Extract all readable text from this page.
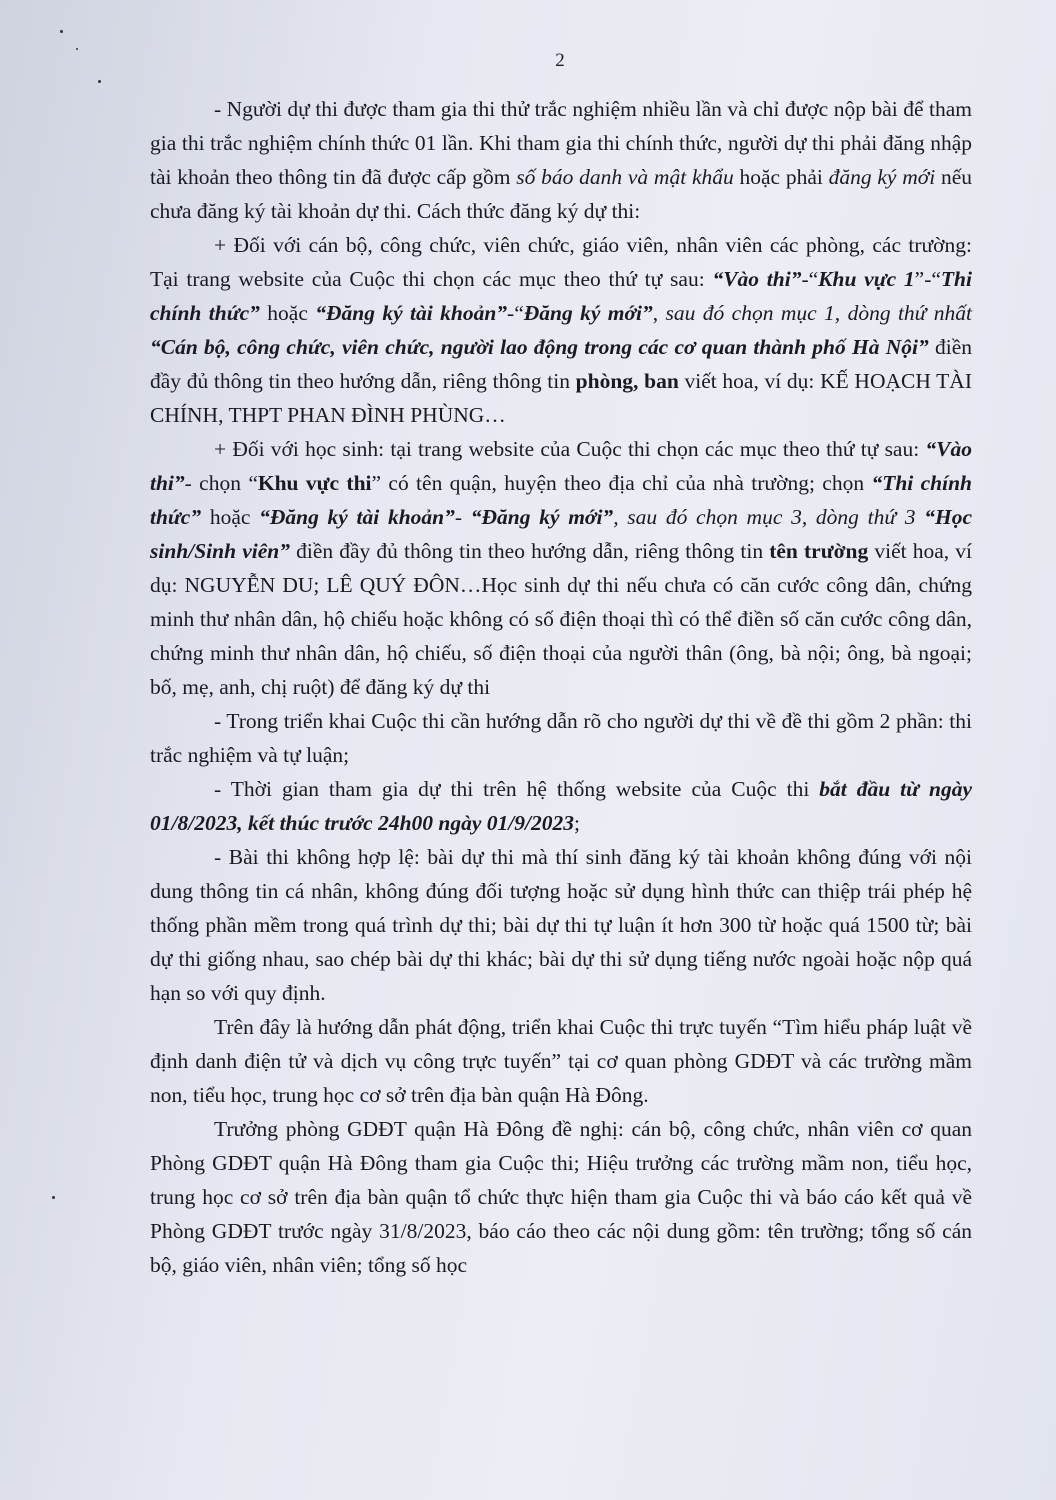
2

- Người dự thi được tham gia thi thử trắc nghiệm nhiều lần và chỉ được nộp bài để tham gia thi trắc nghiệm chính thức 01 lần. Khi tham gia thi chính thức, người dự thi phải đăng nhập tài khoản theo thông tin đã được cấp gồm số báo danh và mật khẩu hoặc phải đăng ký mới nếu chưa đăng ký tài khoản dự thi. Cách thức đăng ký dự thi:

+ Đối với cán bộ, công chức, viên chức, giáo viên, nhân viên các phòng, các trường: Tại trang website của Cuộc thi chọn các mục theo thứ tự sau: “Vào thi”-“Khu vực 1”-“Thi chính thức” hoặc “Đăng ký tài khoản”-“Đăng ký mới”, sau đó chọn mục 1, dòng thứ nhất “Cán bộ, công chức, viên chức, người lao động trong các cơ quan thành phố Hà Nội” điền đầy đủ thông tin theo hướng dẫn, riêng thông tin phòng, ban viết hoa, ví dụ: KẾ HOẠCH TÀI CHÍNH, THPT PHAN ĐÌNH PHÙNG…

+ Đối với học sinh: tại trang website của Cuộc thi chọn các mục theo thứ tự sau: “Vào thi”- chọn “Khu vực thi” có tên quận, huyện theo địa chỉ của nhà trường; chọn “Thi chính thức” hoặc “Đăng ký tài khoản”- “Đăng ký mới”, sau đó chọn mục 3, dòng thứ 3 “Học sinh/Sinh viên” điền đầy đủ thông tin theo hướng dẫn, riêng thông tin tên trường viết hoa, ví dụ: NGUYỄN DU; LÊ QUÝ ĐÔN…Học sinh dự thi nếu chưa có căn cước công dân, chứng minh thư nhân dân, hộ chiếu hoặc không có số điện thoại thì có thể điền số căn cước công dân, chứng minh thư nhân dân, hộ chiếu, số điện thoại của người thân (ông, bà nội; ông, bà ngoại; bố, mẹ, anh, chị ruột) để đăng ký dự thi

- Trong triển khai Cuộc thi cần hướng dẫn rõ cho người dự thi về đề thi gồm 2 phần: thi trắc nghiệm và tự luận;

- Thời gian tham gia dự thi trên hệ thống website của Cuộc thi bắt đầu từ ngày 01/8/2023, kết thúc trước 24h00 ngày 01/9/2023;

- Bài thi không hợp lệ: bài dự thi mà thí sinh đăng ký tài khoản không đúng với nội dung thông tin cá nhân, không đúng đối tượng hoặc sử dụng hình thức can thiệp trái phép hệ thống phần mềm trong quá trình dự thi; bài dự thi tự luận ít hơn 300 từ hoặc quá 1500 từ; bài dự thi giống nhau, sao chép bài dự thi khác; bài dự thi sử dụng tiếng nước ngoài hoặc nộp quá hạn so với quy định.

Trên đây là hướng dẫn phát động, triển khai Cuộc thi trực tuyến “Tìm hiểu pháp luật về định danh điện tử và dịch vụ công trực tuyến” tại cơ quan phòng GDĐT và các trường mầm non, tiểu học, trung học cơ sở trên địa bàn quận Hà Đông.

Trưởng phòng GDĐT quận Hà Đông đề nghị: cán bộ, công chức, nhân viên cơ quan Phòng GDĐT quận Hà Đông tham gia Cuộc thi; Hiệu trưởng các trường mầm non, tiểu học, trung học cơ sở trên địa bàn quận tổ chức thực hiện tham gia Cuộc thi và báo cáo kết quả về Phòng GDĐT trước ngày 31/8/2023, báo cáo theo các nội dung gồm: tên trường; tổng số cán bộ, giáo viên, nhân viên; tổng số học
